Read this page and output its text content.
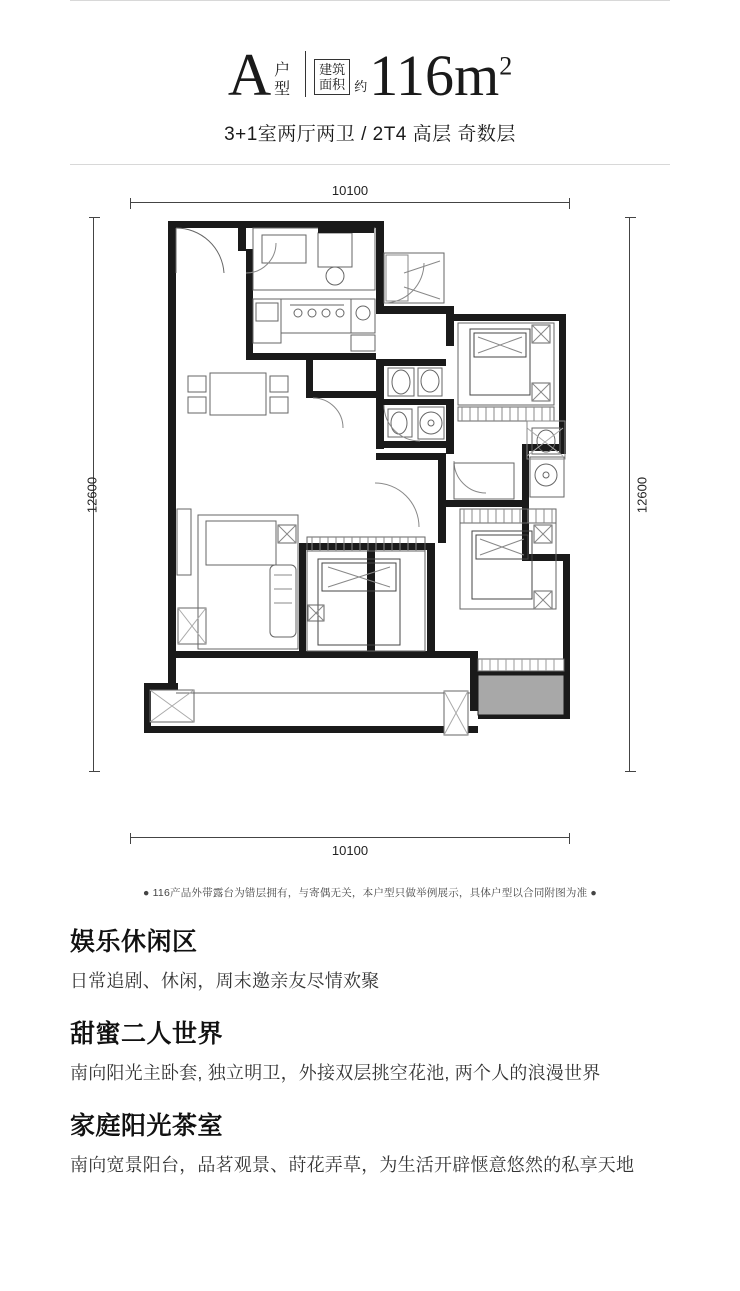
A 户
型
建筑
面积 约 $116m^2$
3+1室两厅两卫 / 2T4 高层 奇数层
10100
10100
12600	12600
● 116产品外带露台为错层拥有，与寄偶无关，本户型只做举例展示，具体户型以合同附图为准 ●
娱乐休闲区

日常追剧、休闲，周末邀亲友尽情欢聚

甜蜜二人世界

南向阳光主卧套, 独立明卫，外接双层挑空花池, 两个人的浪漫世界

家庭阳光茶室

南向宽景阳台，品茗观景、莳花弄草，为生活开辟惬意悠然的私享天地
